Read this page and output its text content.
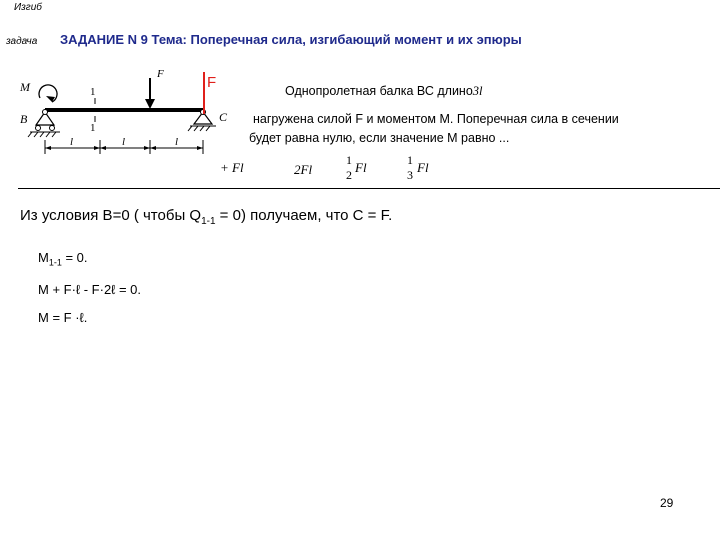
Изгиб
задача ЗАДАНИЕ N 9 Тема: Поперечная сила, изгибающий момент и их эпюры
M
F
B	C
1
1
l	l	l
F	Однопролетная балка ВС длино3l
нагружена силой F и моментом M. Поперечная сила в сечении
будет равна нулю, если значение M равно ...
+ Fl	2Fl
1
2 Fl	1
3 Fl
Из условия В=0 ( чтобы $Q_{1-1} = 0$) получаем, что С = F.
$M_{1-1} = 0$.
M + F·ℓ - F·2ℓ = 0.
M = F ·ℓ.
29
